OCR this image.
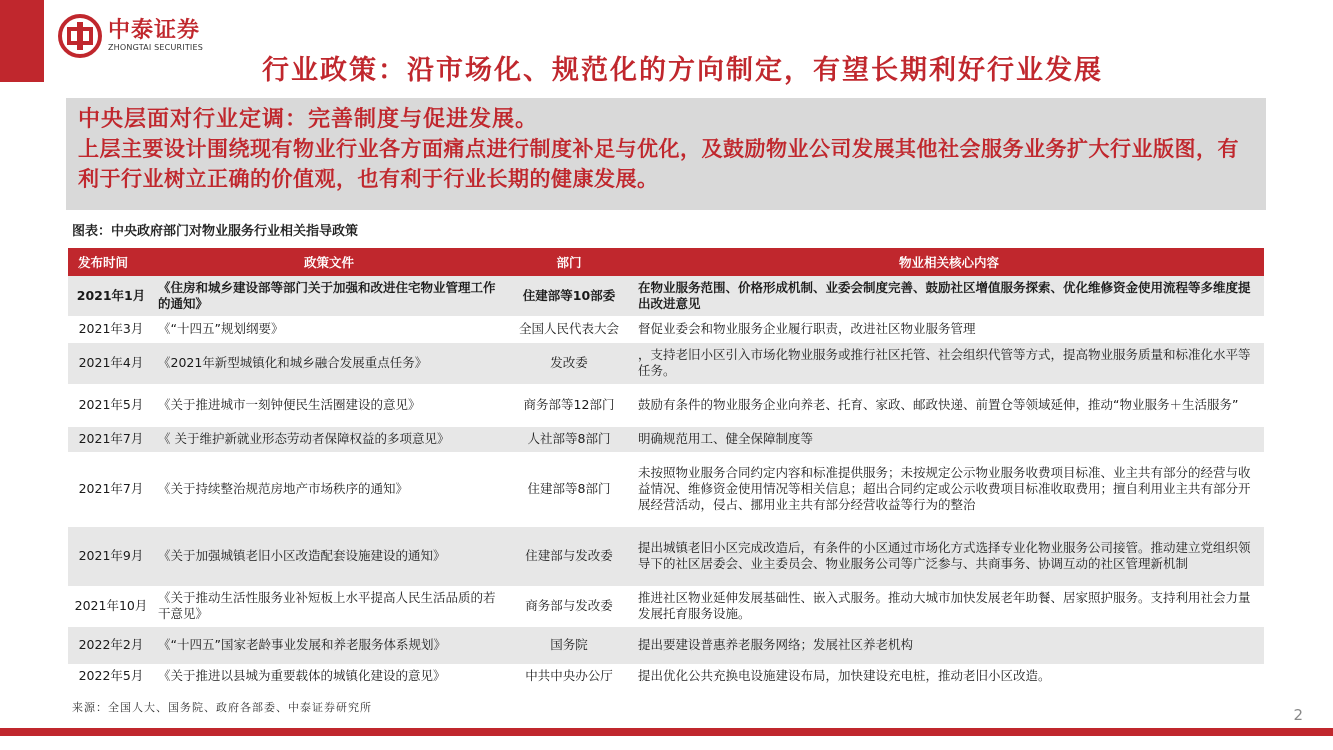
中泰证券
ZHONGTAI SECURITIES
行业政策：沿市场化、规范化的方向制定，有望长期利好行业发展
中央层面对行业定调：完善制度与促进发展。
上层主要设计围绕现有物业行业各方面痛点进行制度补足与优化，及鼓励物业公司发展其他社会服务业务扩大行业版图，有利于行业树立正确的价值观，也有利于行业长期的健康发展。
图表：中央政府部门对物业服务行业相关指导政策
发布时间	政策文件	部门	物业相关核心内容
2021年1月	《住房和城乡建设部等部门关于加强和改进住宅物业管理工作的通知》	住建部等10部委	在物业服务范围、价格形成机制、业委会制度完善、鼓励社区增值服务探索、优化维修资金使用流程等多维度提出改进意见
2021年3月	《“十四五”规划纲要》	全国人民代表大会	督促业委会和物业服务企业履行职责，改进社区物业服务管理
2021年4月	《2021年新型城镇化和城乡融合发展重点任务》	发改委	，支持老旧小区引入市场化物业服务或推行社区托管、社会组织代管等方式，提高物业服务质量和标准化水平等任务。
2021年5月	《关于推进城市一刻钟便民生活圈建设的意见》	商务部等12部门	鼓励有条件的物业服务企业向养老、托育、家政、邮政快递、前置仓等领域延伸，推动“物业服务＋生活服务”
2021年7月	《 关于维护新就业形态劳动者保障权益的多项意见》	人社部等8部门	明确规范用工、健全保障制度等
2021年7月	《关于持续整治规范房地产市场秩序的通知》	住建部等8部门	未按照物业服务合同约定内容和标准提供服务；未按规定公示物业服务收费项目标准、业主共有部分的经营与收益情况、维修资金使用情况等相关信息；超出合同约定或公示收费项目标准收取费用；擅自利用业主共有部分开展经营活动，侵占、挪用业主共有部分经营收益等行为的整治
2021年9月	《关于加强城镇老旧小区改造配套设施建设的通知》	住建部与发改委	提出城镇老旧小区完成改造后，有条件的小区通过市场化方式选择专业化物业服务公司接管。推动建立党组织领导下的社区居委会、业主委员会、物业服务公司等广泛参与、共商事务、协调互动的社区管理新机制
2021年10月	《关于推动生活性服务业补短板上水平提高人民生活品质的若干意见》	商务部与发改委	推进社区物业延伸发展基础性、嵌入式服务。推动大城市加快发展老年助餐、居家照护服务。支持利用社会力量发展托育服务设施。
2022年2月	《“十四五”国家老龄事业发展和养老服务体系规划》	国务院	提出要建设普惠养老服务网络；发展社区养老机构
2022年5月	《关于推进以县城为重要载体的城镇化建设的意见》	中共中央办公厅	提出优化公共充换电设施建设布局，加快建设充电桩，推动老旧小区改造。
来源：全国人大、国务院、政府各部委、中泰证券研究所	2
